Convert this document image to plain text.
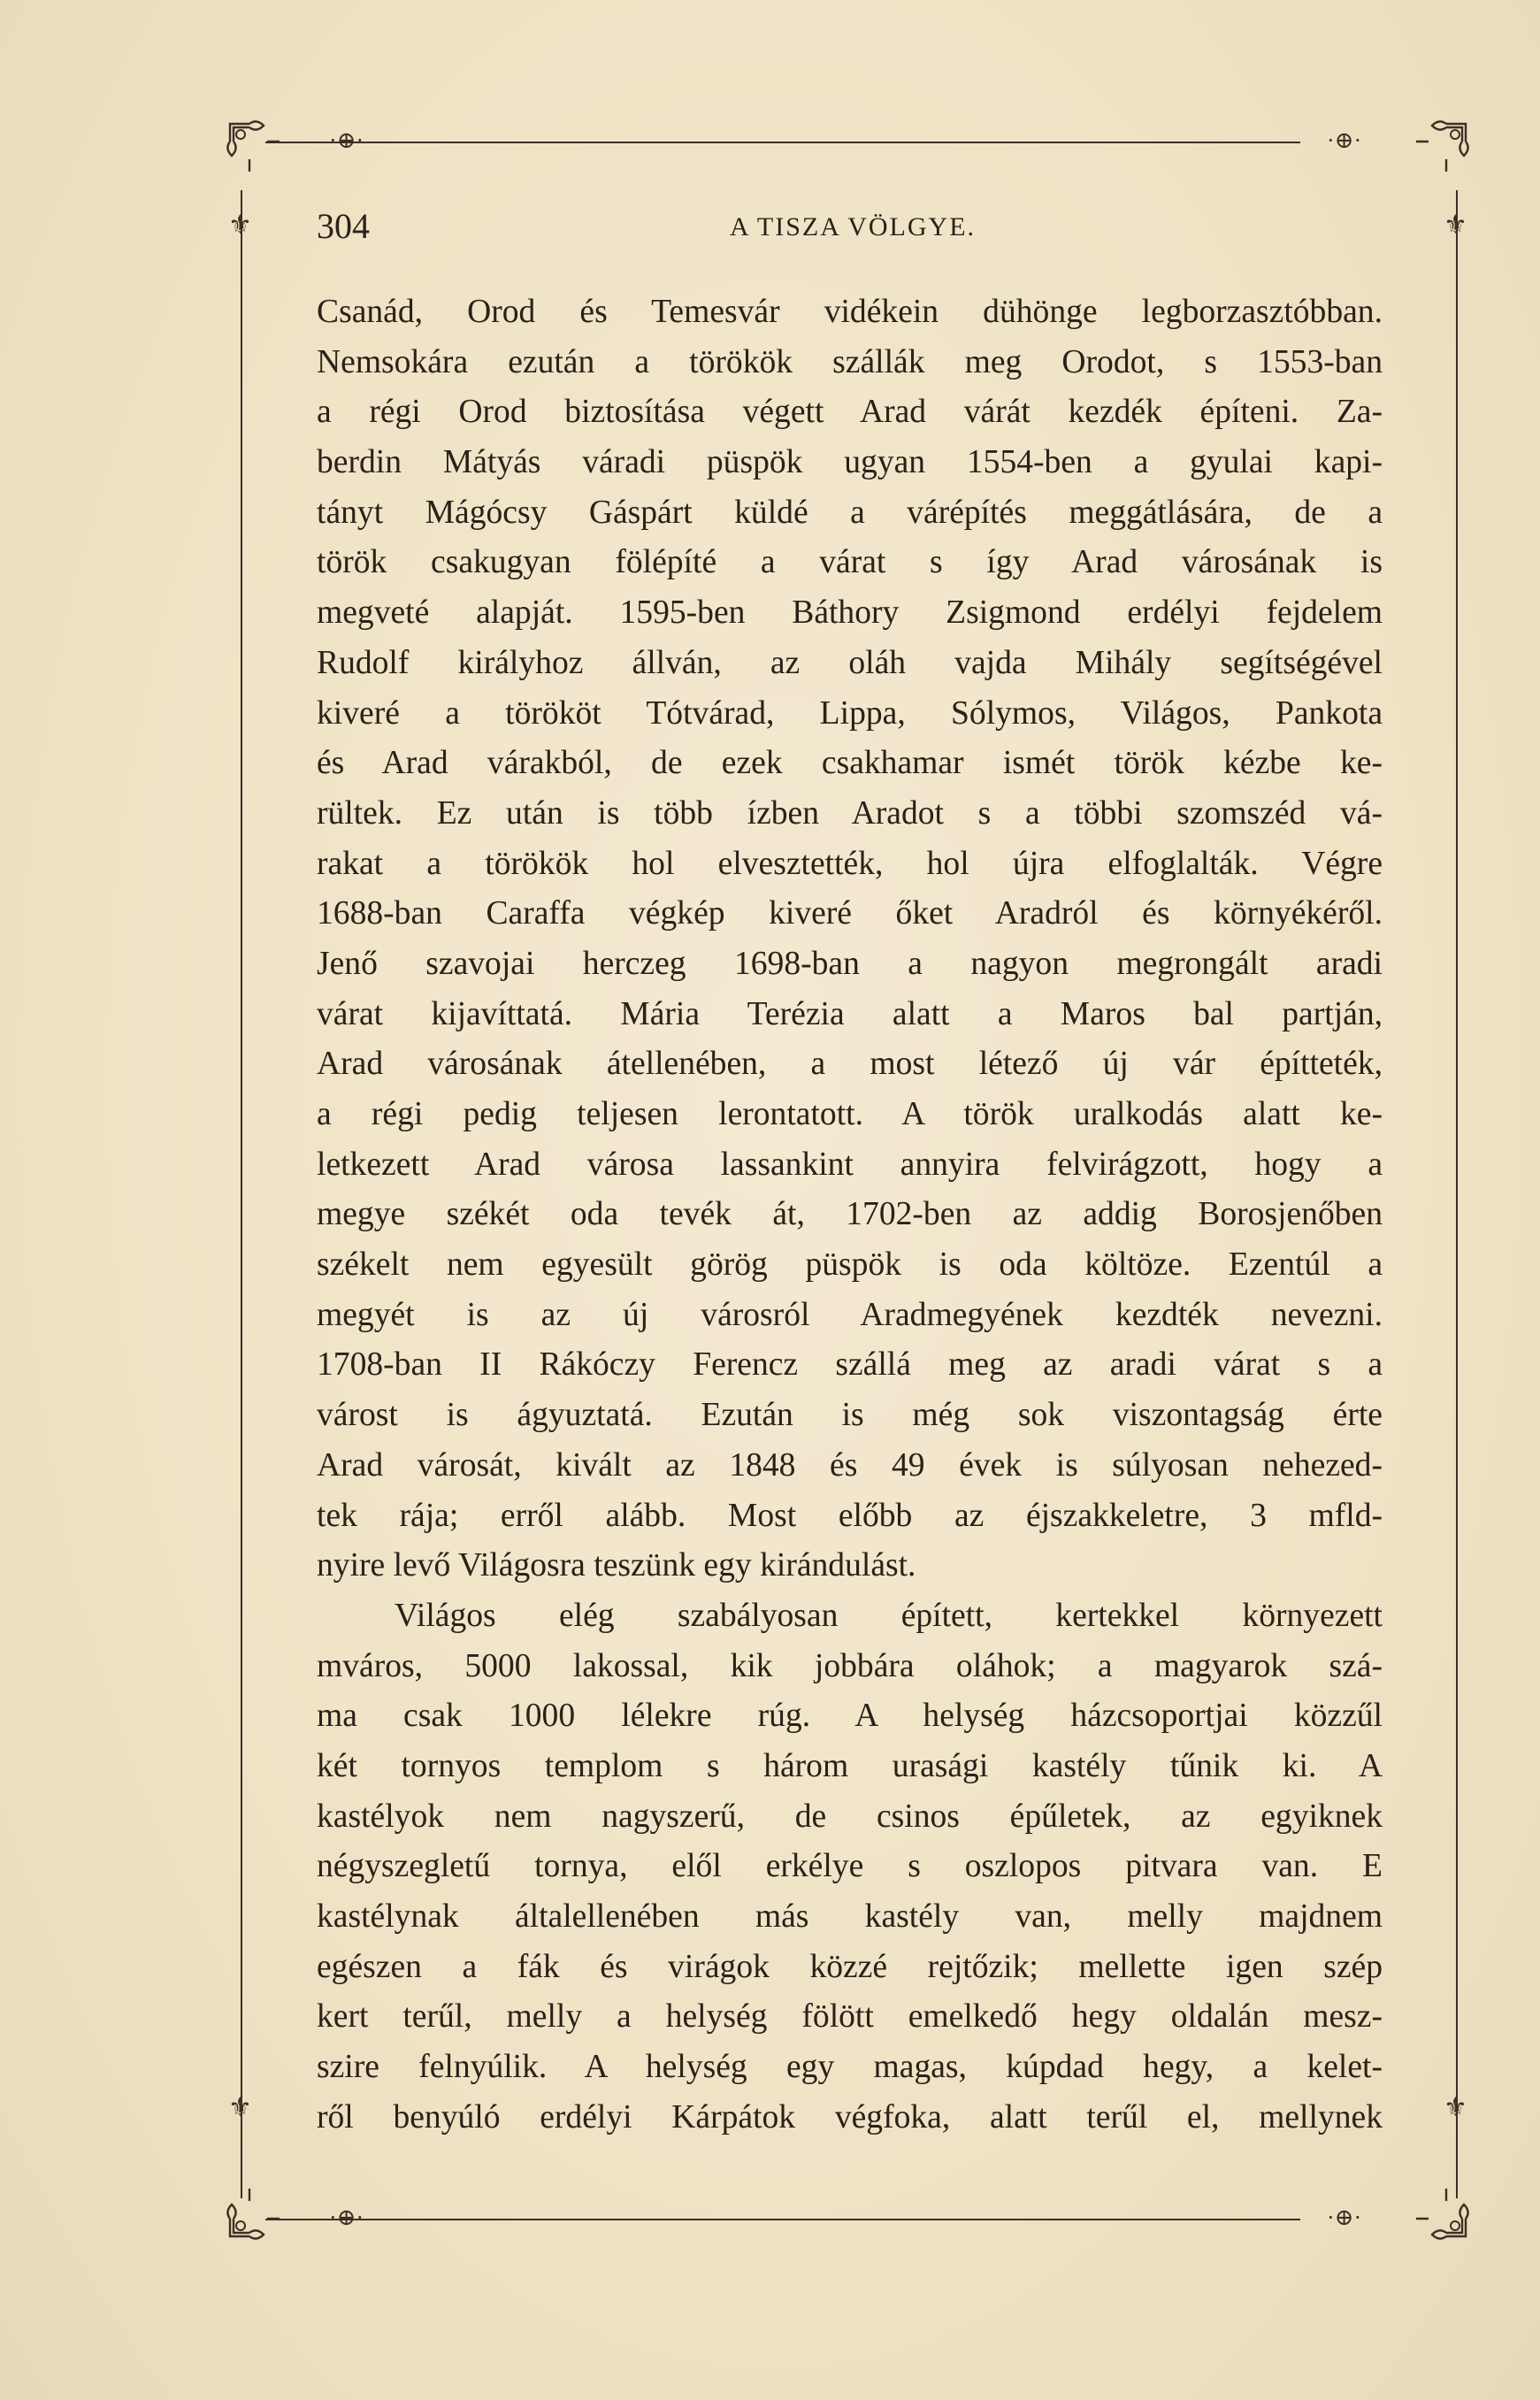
·⊕·	·⊕·
·⊕·	·⊕·
⚜	⚜
⚜	⚜
304	A TISZA VÖLGYE.
Csanád, Orod és Temesvár vidékein dühönge legborzasztóbban.
Nemsokára ezután a törökök szállák meg Orodot, s 1553-ban
a régi Orod biztosítása végett Arad várát kezdék építeni. Za-
berdin Mátyás váradi püspök ugyan 1554-ben a gyulai kapi-
tányt Mágócsy Gáspárt küldé a várépítés meggátlására, de a
török csakugyan fölépíté a várat s így Arad városának is
megveté alapját. 1595-ben Báthory Zsigmond erdélyi fejdelem
Rudolf királyhoz állván, az oláh vajda Mihály segítségével
kiveré a törököt Tótvárad, Lippa, Sólymos, Világos, Pankota
és Arad várakból, de ezek csakhamar ismét török kézbe ke-
rültek. Ez után is több ízben Aradot s a többi szomszéd vá-
rakat a törökök hol elvesztették, hol újra elfoglalták. Végre
1688-ban Caraffa végkép kiveré őket Aradról és környékéről.
Jenő szavojai herczeg 1698-ban a nagyon megrongált aradi
várat kijavíttatá. Mária Terézia alatt a Maros bal partján,
Arad városának átellenében, a most létező új vár építteték,
a régi pedig teljesen lerontatott. A török uralkodás alatt ke-
letkezett Arad városa lassankint annyira felvirágzott, hogy a
megye székét oda tevék át, 1702-ben az addig Borosjenőben
székelt nem egyesült görög püspök is oda költöze. Ezentúl a
megyét is az új városról Aradmegyének kezdték nevezni.
1708-ban II Rákóczy Ferencz szállá meg az aradi várat s a
várost is ágyuztatá. Ezután is még sok viszontagság érte
Arad városát, kivált az 1848 és 49 évek is súlyosan nehezed-
tek rája; erről alább. Most előbb az éjszakkeletre, 3 mfld-
nyire levő Világosra teszünk egy kirándulást.
Világos elég szabályosan épített, kertekkel környezett
mváros, 5000 lakossal, kik jobbára oláhok; a magyarok szá-
ma csak 1000 lélekre rúg. A helység házcsoportjai közzűl
két tornyos templom s három urasági kastély tűnik ki. A
kastélyok nem nagyszerű, de csinos épűletek, az egyiknek
négyszegletű tornya, elől erkélye s oszlopos pitvara van. E
kastélynak általellenében más kastély van, melly majdnem
egészen a fák és virágok közzé rejtőzik; mellette igen szép
kert terűl, melly a helység fölött emelkedő hegy oldalán mesz-
szire felnyúlik. A helység egy magas, kúpdad hegy, a kelet-
ről benyúló erdélyi Kárpátok végfoka, alatt terűl el, mellynek
